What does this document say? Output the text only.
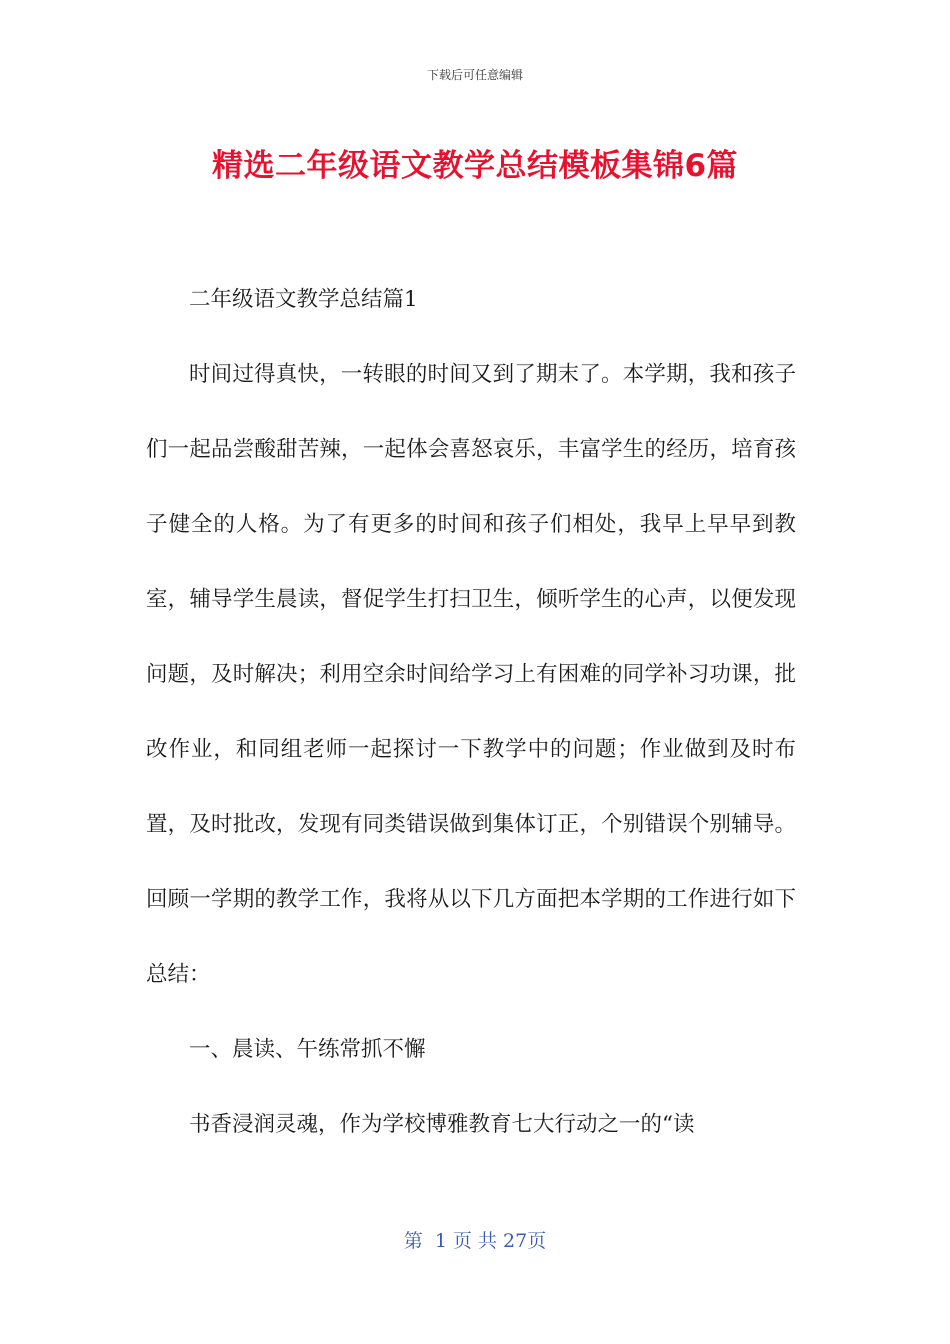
下载后可任意编辑
精选二年级语文教学总结模板集锦6篇

二年级语文教学总结篇1

时间过得真快，一转眼的时间又到了期末了。本学期，我和孩子们一起品尝酸甜苦辣，一起体会喜怒哀乐，丰富学生的经历，培育孩子健全的人格。为了有更多的时间和孩子们相处，我早上早早到教室，辅导学生晨读，督促学生打扫卫生，倾听学生的心声，以便发现问题，及时解决；利用空余时间给学习上有困难的同学补习功课，批改作业，和同组老师一起探讨一下教学中的问题；作业做到及时布置，及时批改，发现有同类错误做到集体订正，个别错误个别辅导。回顾一学期的教学工作，我将从以下几方面把本学期的工作进行如下总结：

一、晨读、午练常抓不懈

书香浸润灵魂，作为学校博雅教育七大行动之一的“读

第  1 页 共 27页
